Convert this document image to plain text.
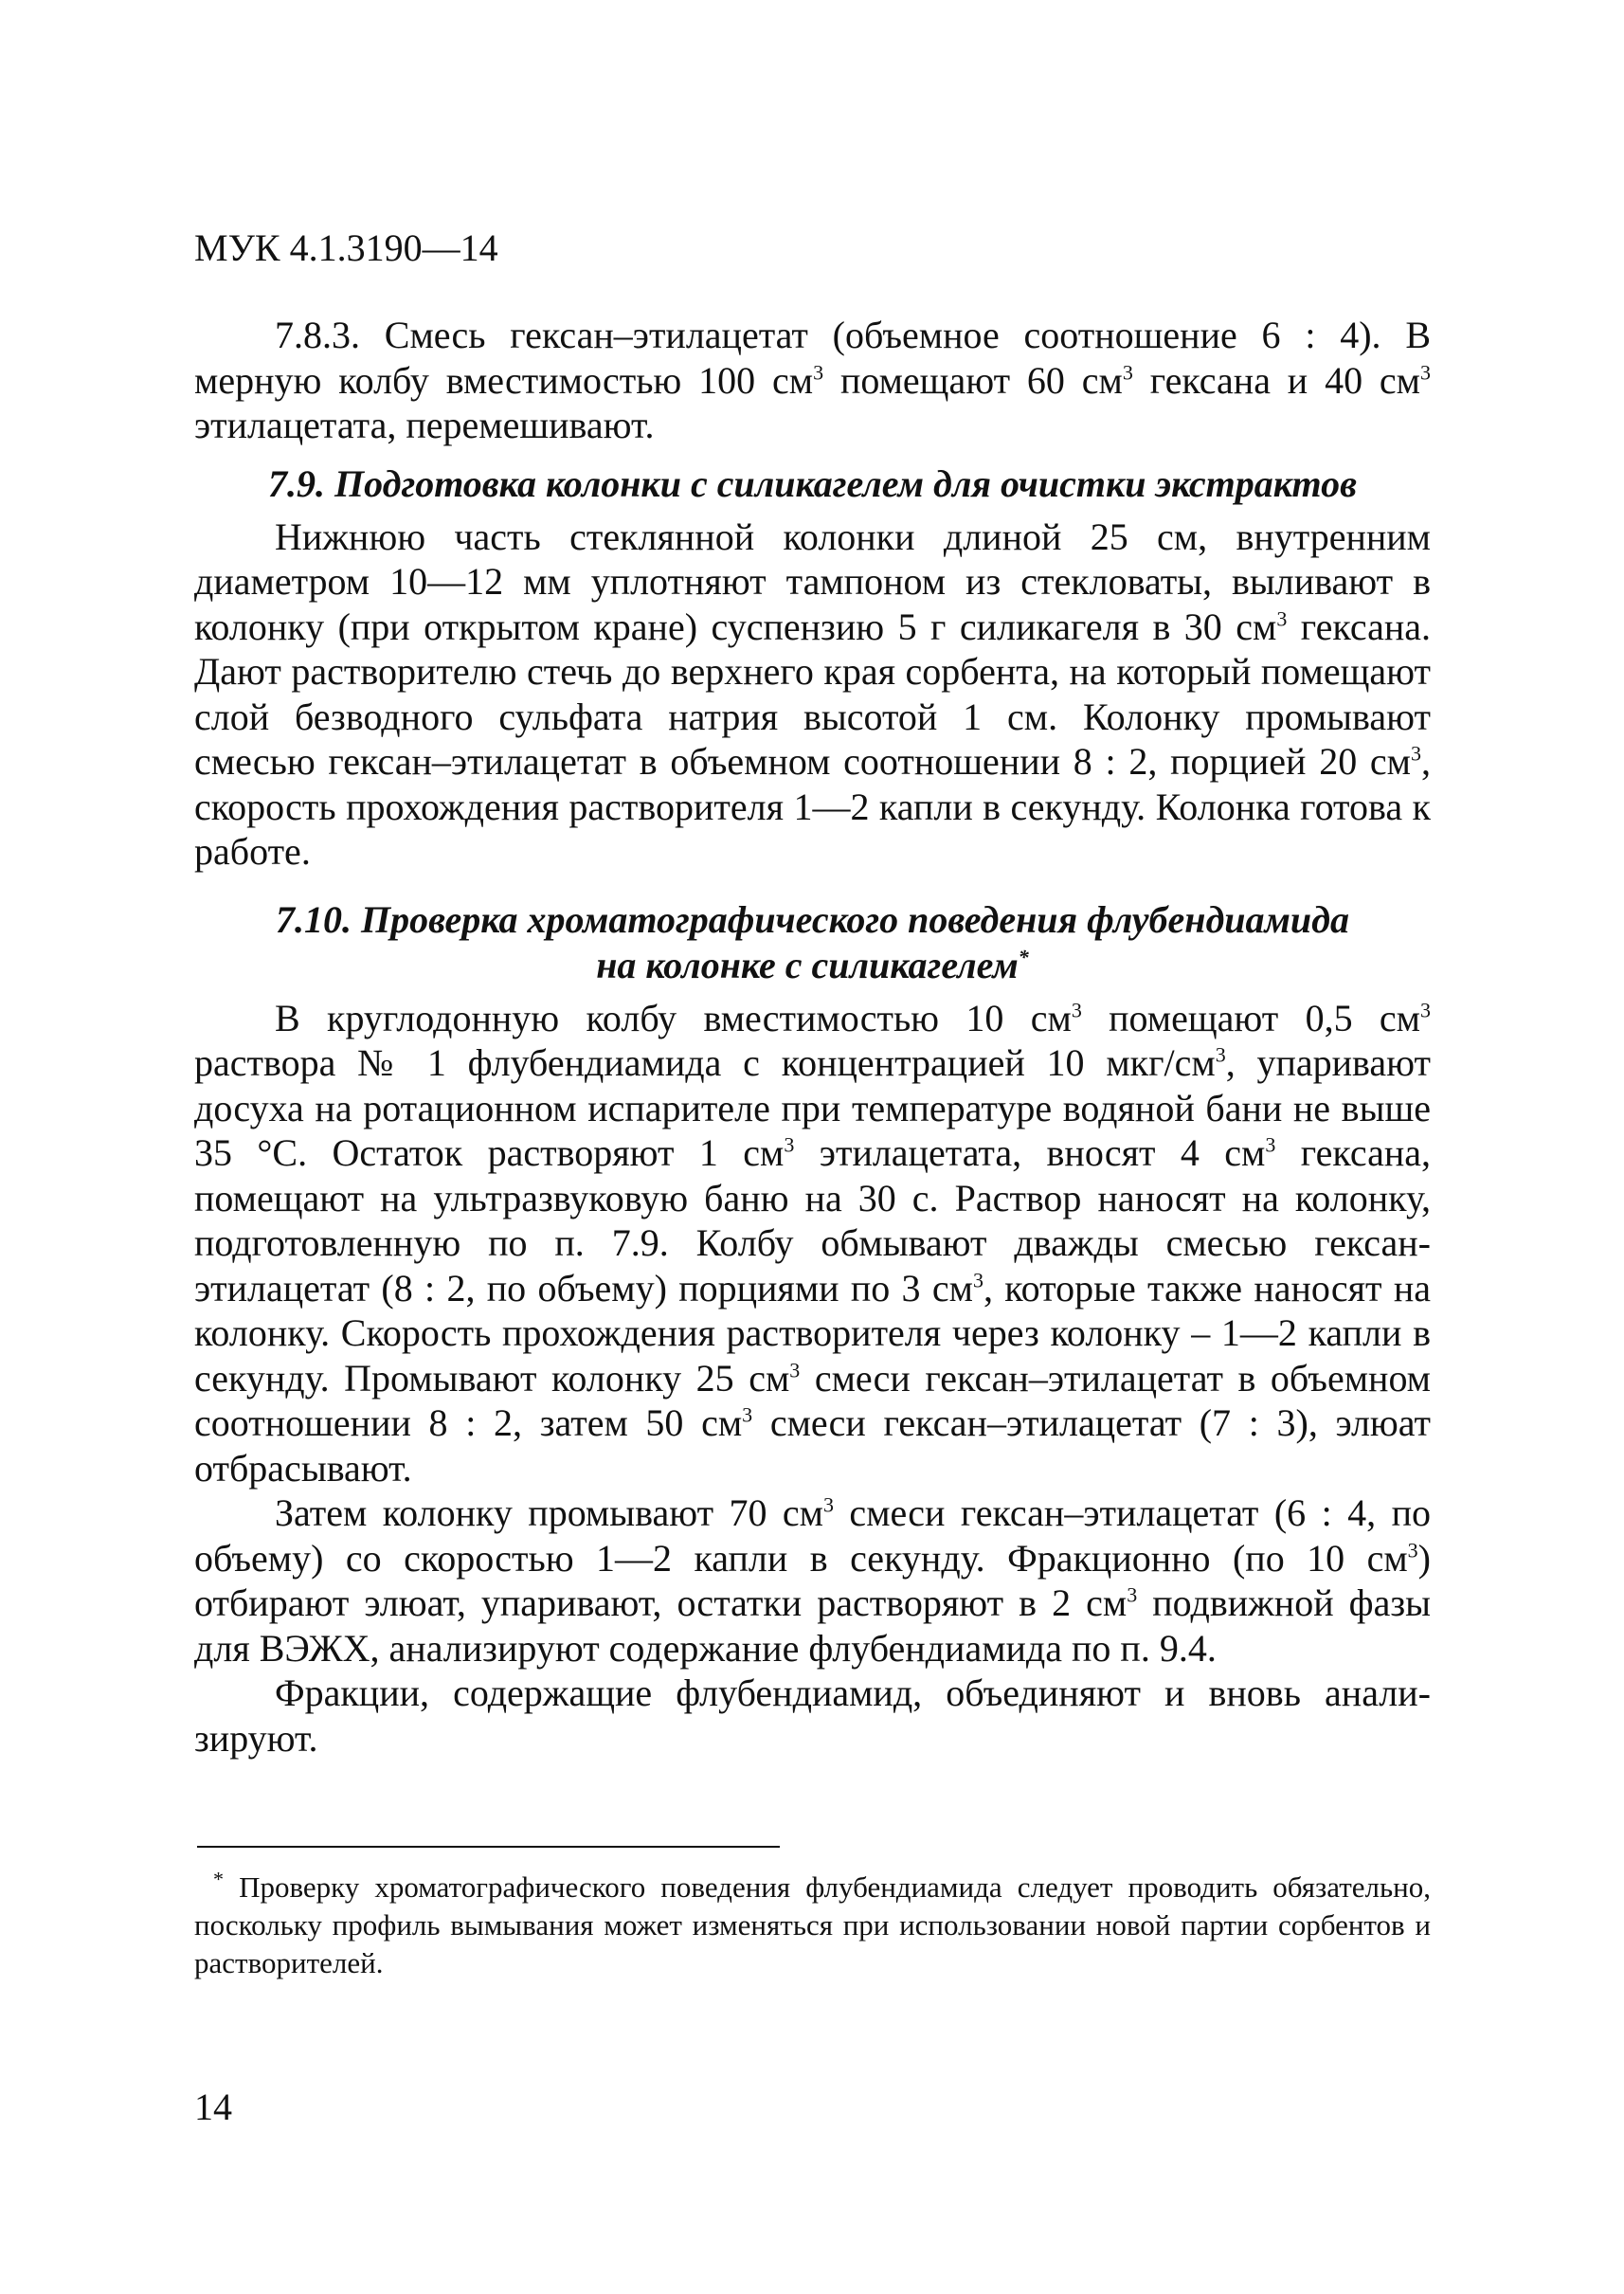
МУК 4.1.3190—14

7.8.3. Смесь гексан–этилацетат (объемное соотношение 6 : 4). В мерную колбу вместимостью 100 $см^3$ помещают 60 $см^3$ гексана и 40 $см^3$ этилацетата, перемешивают.

7.9. Подготовка колонки с силикагелем для очистки экстрактов

Нижнюю часть стеклянной колонки длиной 25 см, внутренним диаметром 10—12 мм уплотняют тампоном из стекловаты, выливают в колонку (при открытом кране) суспензию 5 г силикагеля в 30 $см^3$ гексана. Дают растворителю стечь до верхнего края сорбента, на который помещают слой безводного сульфата натрия высотой 1 см. Колонку промывают смесью гексан–этилацетат в объемном соотношении 8 : 2, порцией 20 $см^3$, скорость прохождения растворителя 1—2 капли в секунду. Колонка готова к работе.

7.10. Проверка хроматографического поведения флубендиамида
на колонке с силикагелем*

В круглодонную колбу вместимостью 10 $см^3$ помещают 0,5 $см^3$ раствора № 1 флубендиамида с концентрацией 10 мкг/$см^3$, упаривают досуха на ротационном испарителе при температуре водяной бани не выше 35 °С. Остаток растворяют 1 $см^3$ этилацетата, вносят 4 $см^3$ гексана, помещают на ультразвуковую баню на 30 с. Раствор наносят на колонку, подготовленную по п. 7.9. Колбу обмывают дважды смесью гексан-этилацетат (8 : 2, по объему) порциями по 3 $см^3$, которые также наносят на колонку. Скорость прохождения растворителя через колонку – 1—2 капли в секунду. Промывают колонку 25 $см^3$ смеси гексан–этилацетат в объемном соотношении 8 : 2, затем 50 $см^3$ смеси гексан–этилацетат (7 : 3), элюат отбрасывают.

Затем колонку промывают 70 $см^3$ смеси гексан–этилацетат (6 : 4, по объему) со скоростью 1—2 капли в секунду. Фракционно (по 10 $см^3$) отбирают элюат, упаривают, остатки растворяют в 2 $см^3$ подвижной фазы для ВЭЖХ, анализируют содержание флубендиамида по п. 9.4.

Фракции, содержащие флубендиамид, объединяют и вновь анализируют.

* Проверку хроматографического поведения флубендиамида следует проводить обязательно, поскольку профиль вымывания может изменяться при использовании новой партии сорбентов и растворителей.
14
